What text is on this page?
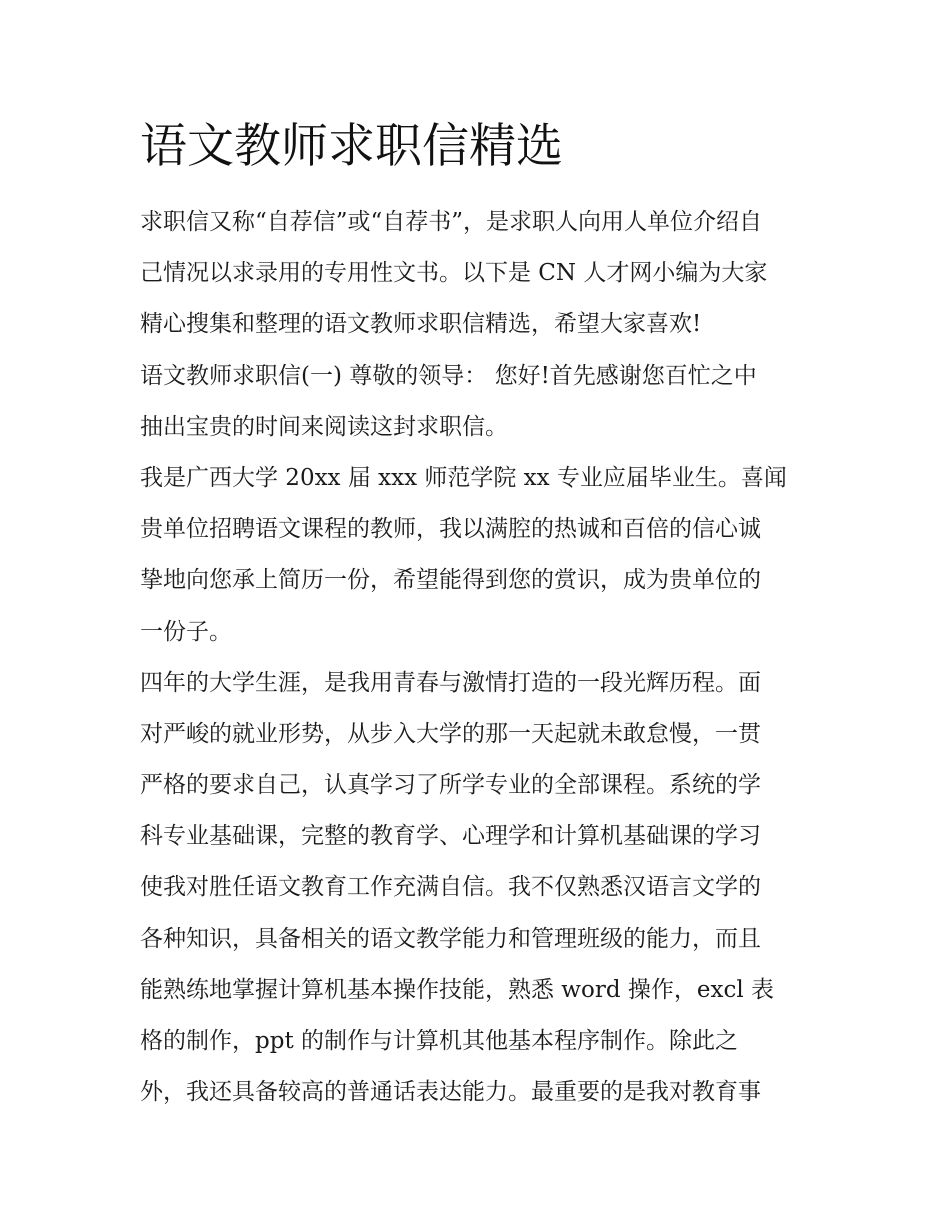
语文教师求职信精选
求职信又称“自荐信”或“自荐书”，是求职人向用人单位介绍自
己情况以求录用的专用性文书。以下是 CN 人才网小编为大家
精心搜集和整理的语文教师求职信精选，希望大家喜欢!
语文教师求职信(一) 尊敬的领导： 您好!首先感谢您百忙之中
抽出宝贵的时间来阅读这封求职信。
我是广西大学 20xx 届 xxx 师范学院 xx 专业应届毕业生。喜闻
贵单位招聘语文课程的教师，我以满腔的热诚和百倍的信心诚
挚地向您承上简历一份，希望能得到您的赏识，成为贵单位的
一份子。
四年的大学生涯，是我用青春与激情打造的一段光辉历程。面
对严峻的就业形势，从步入大学的那一天起就未敢怠慢，一贯
严格的要求自己，认真学习了所学专业的全部课程。系统的学
科专业基础课，完整的教育学、心理学和计算机基础课的学习
使我对胜任语文教育工作充满自信。我不仅熟悉汉语言文学的
各种知识，具备相关的语文教学能力和管理班级的能力，而且
能熟练地掌握计算机基本操作技能，熟悉 word 操作，excl 表
格的制作，ppt 的制作与计算机其他基本程序制作。除此之
外，我还具备较高的普通话表达能力。最重要的是我对教育事
